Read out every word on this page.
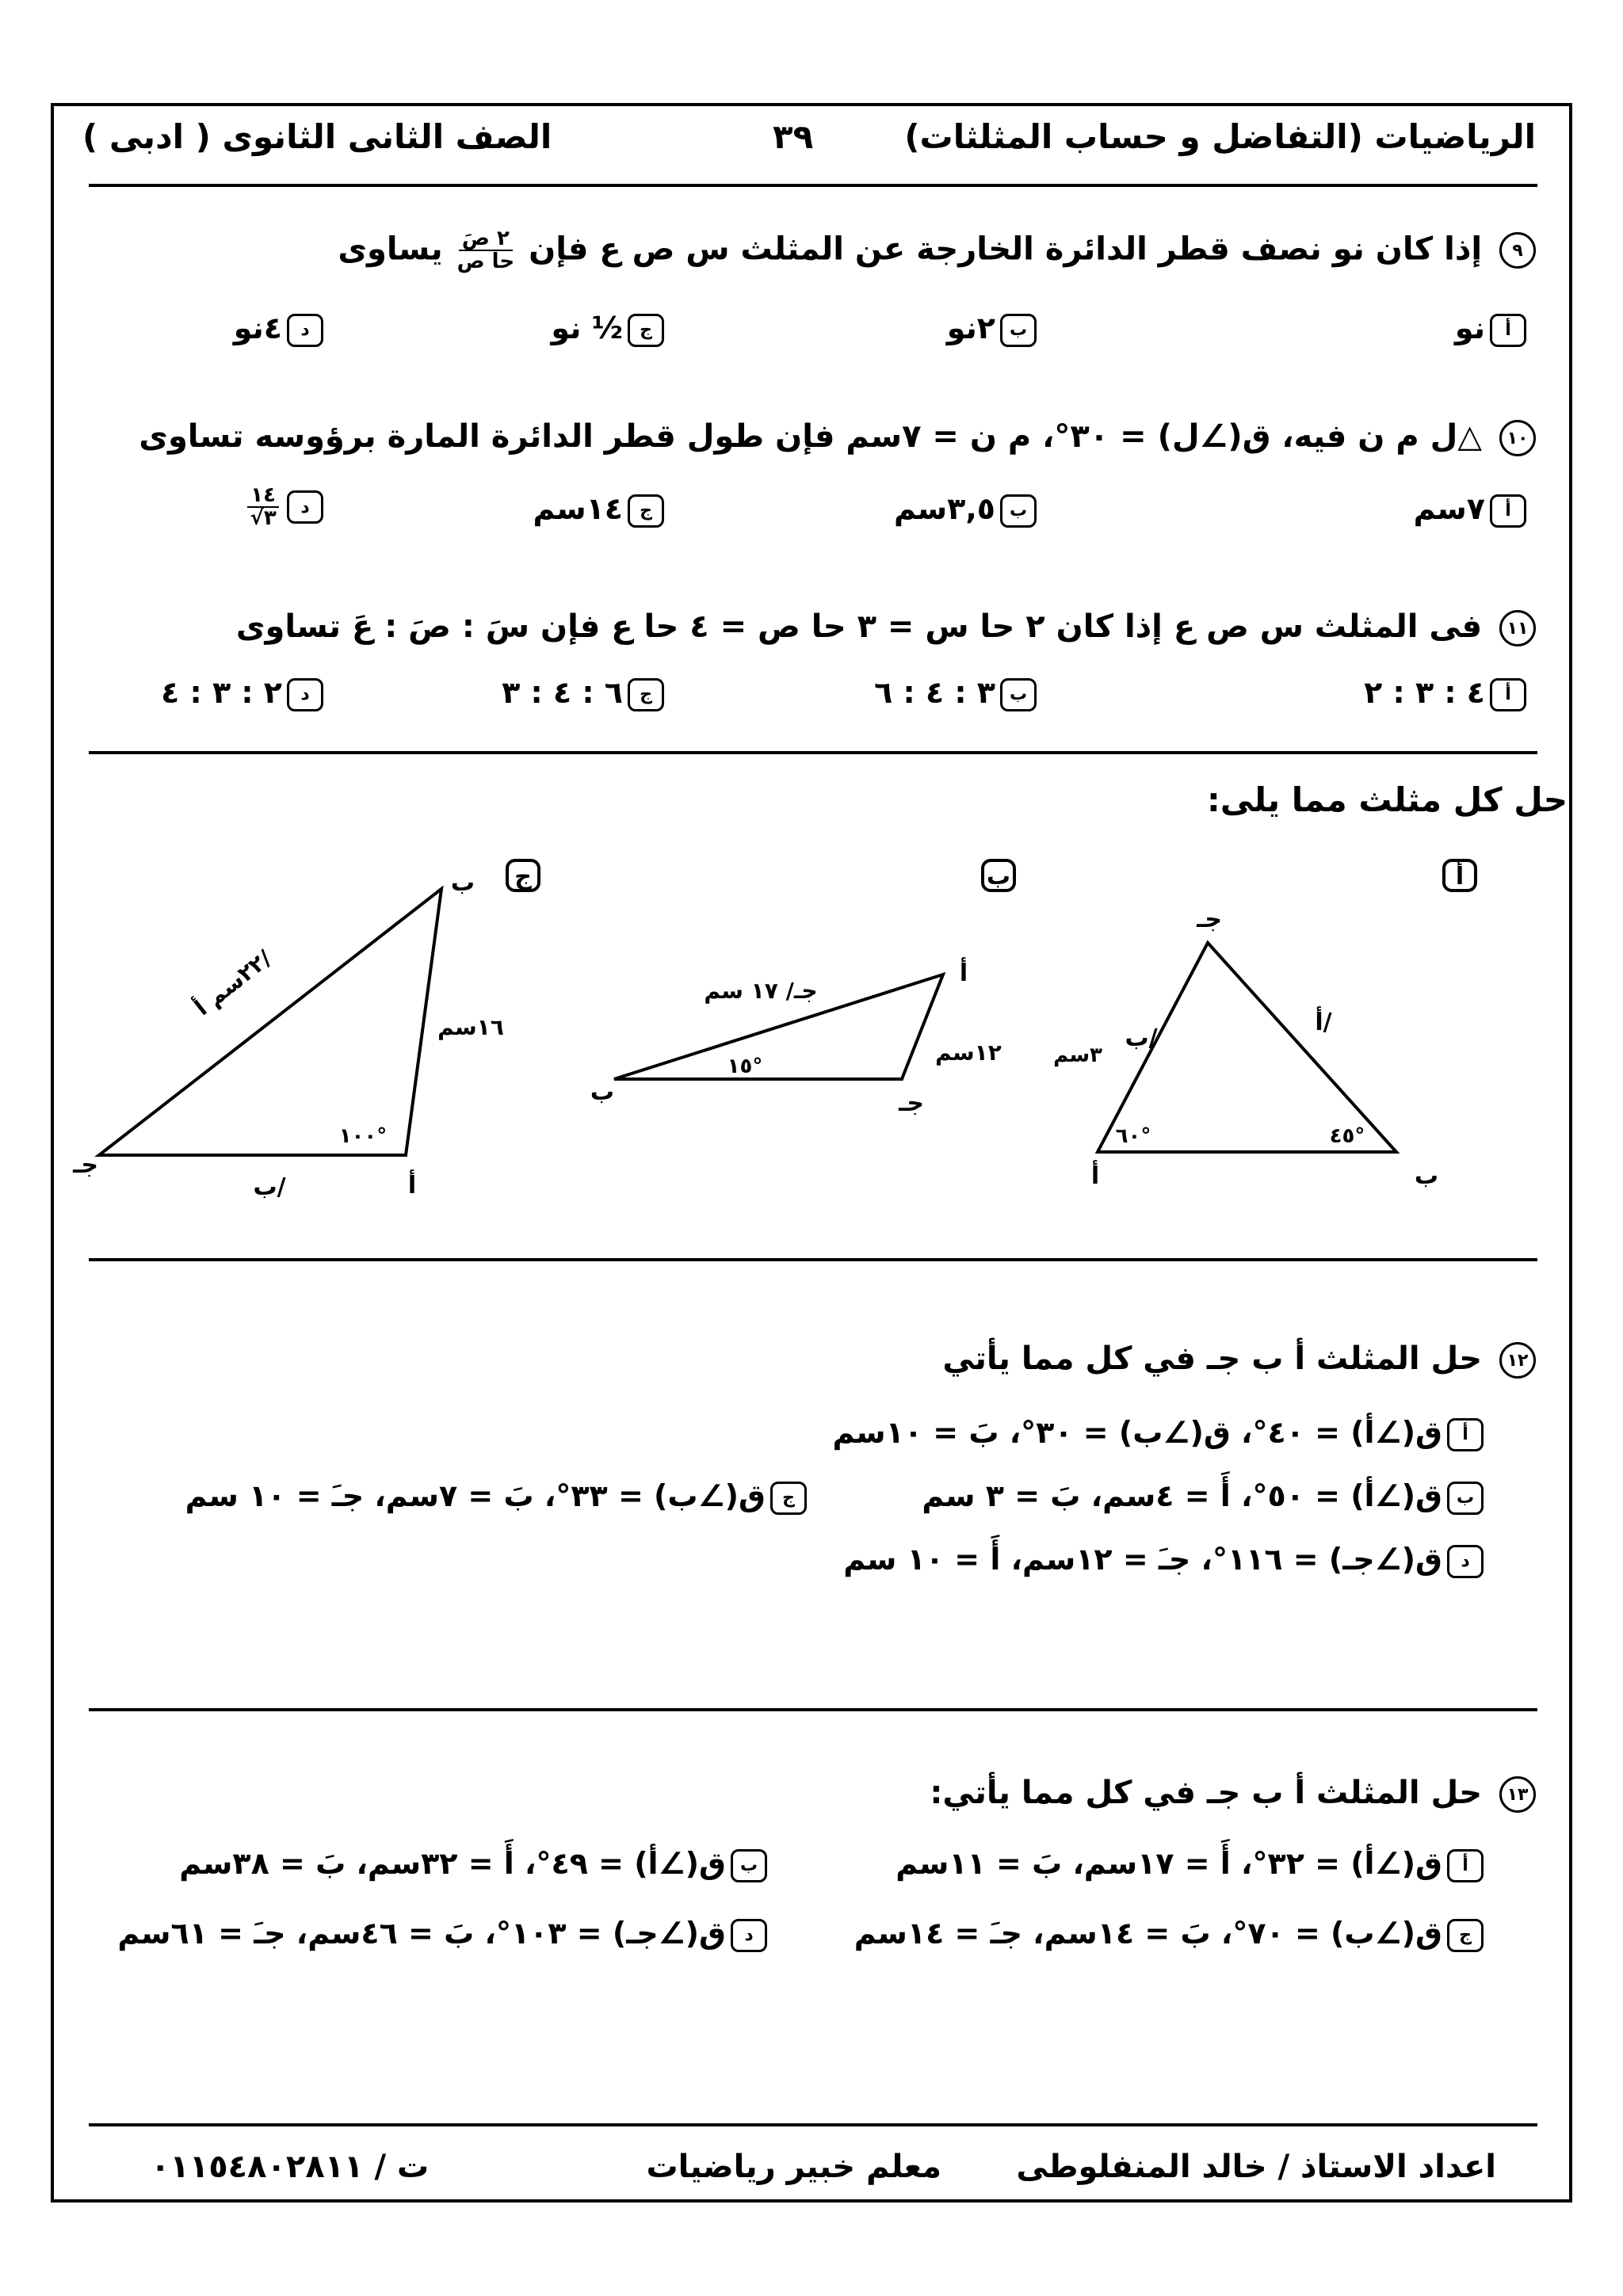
الرياضيات (التفاضل و حساب المثلثات)
٣٩
الصف الثانى الثانوى ( ادبى )
٩ إذا كان نو نصف قطر الدائرة الخارجة عن المثلث س ص ع فإن
$\frac{\text{٢ صَ}}{\text{حا ص}}$
يساوى
أنو
ب٢نو
ج½ نو
د٤نو
١٠ △ل م ن فيه، ق(∠ل) = ٣٠°، م ن = ٧سم فإن طول قطر الدائرة المارة برؤوسه تساوى
أ٧سم
ب٣,٥سم
ج١٤سم
د
$\frac{١٤}{٣√}$
١١ فى المثلث س ص ع إذا كان ٢ حا س = ٣ حا ص = ٤ حا ع فإن سَ : صَ : عَ تساوى
أ٤ : ٣ : ٢
ب٣ : ٤ : ٦
ج٦ : ٤ : ٣
د٢ : ٣ : ٤
حل كل مثلث مما يلى:
أ
ب
ج
جـ
أ	ب
أ/
ب/
٣سم
٦٠°	٤٥°
أ
جـ
ب
جـ/ ١٧ سم
١٢سم
١٥°
ب
أ
جـ
٢٢سم أ/
١٦سم
ب/
١٠٠°
١٢ حل المثلث أ ب جـ في كل مما يأتي
أق(∠أ) = ٤٠°، ق(∠ب) = ٣٠°، بَ = ١٠سم
بق(∠أ) = ٥٠°، أَ = ٤سم، بَ = ٣ سم
جق(∠ب) = ٣٣°، بَ = ٧سم، جـَ = ١٠ سم
دق(∠جـ) = ١١٦°، جـَ = ١٢سم، أَ = ١٠ سم
١٣ حل المثلث أ ب جـ في كل مما يأتي:
أق(∠أ) = ٣٢°، أَ = ١٧سم، بَ = ١١سم
بق(∠أ) = ٤٩°، أَ = ٣٢سم، بَ = ٣٨سم
جق(∠ب) = ٧٠°، بَ = ١٤سم، جـَ = ١٤سم
دق(∠جـ) = ١٠٣°، بَ = ٤٦سم، جـَ = ٦١سم
اعداد الاستاذ / خالد المنفلوطى
معلم خبير رياضيات
ت / ٠١١٥٤٨٠٢٨١١
